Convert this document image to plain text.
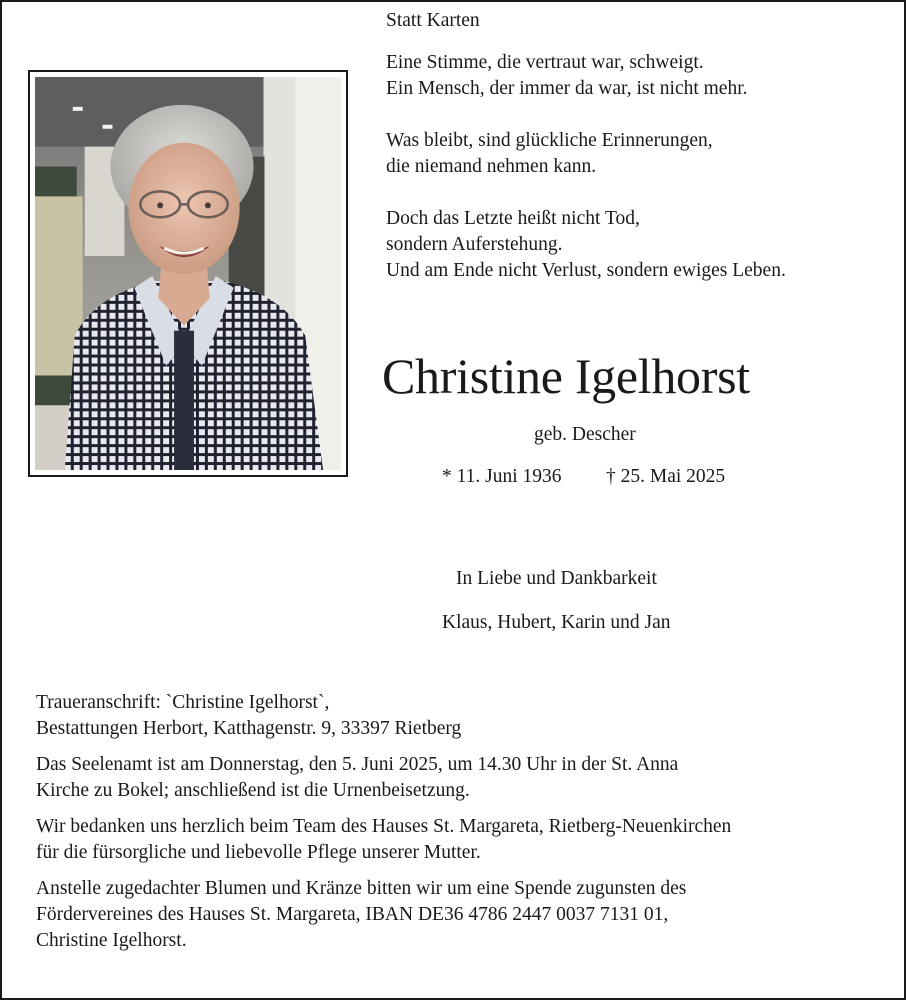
Statt Karten
Eine Stimme, die vertraut war, schweigt.
Ein Mensch, der immer da war, ist nicht mehr.
Was bleibt, sind glückliche Erinnerungen,
die niemand nehmen kann.
Doch das Letzte heißt nicht Tod,
sondern Auferstehung.
Und am Ende nicht Verlust, sondern ewiges Leben.
Christine Igelhorst
geb. Descher
* 11. Juni 1936 † 25. Mai 2025
In Liebe und Dankbarkeit
Klaus, Hubert, Karin und Jan
Traueranschrift: `Christine Igelhorst`,
Bestattungen Herbort, Katthagenstr. 9, 33397 Rietberg
Das Seelenamt ist am Donnerstag, den 5. Juni 2025, um 14.30 Uhr in der St. Anna
Kirche zu Bokel; anschließend ist die Urnenbeisetzung.
Wir bedanken uns herzlich beim Team des Hauses St. Margareta, Rietberg-Neuenkirchen
für die fürsorgliche und liebevolle Pflege unserer Mutter.
Anstelle zugedachter Blumen und Kränze bitten wir um eine Spende zugunsten des
Fördervereines des Hauses St. Margareta, IBAN DE36 4786 2447 0037 7131 01,
Christine Igelhorst.
